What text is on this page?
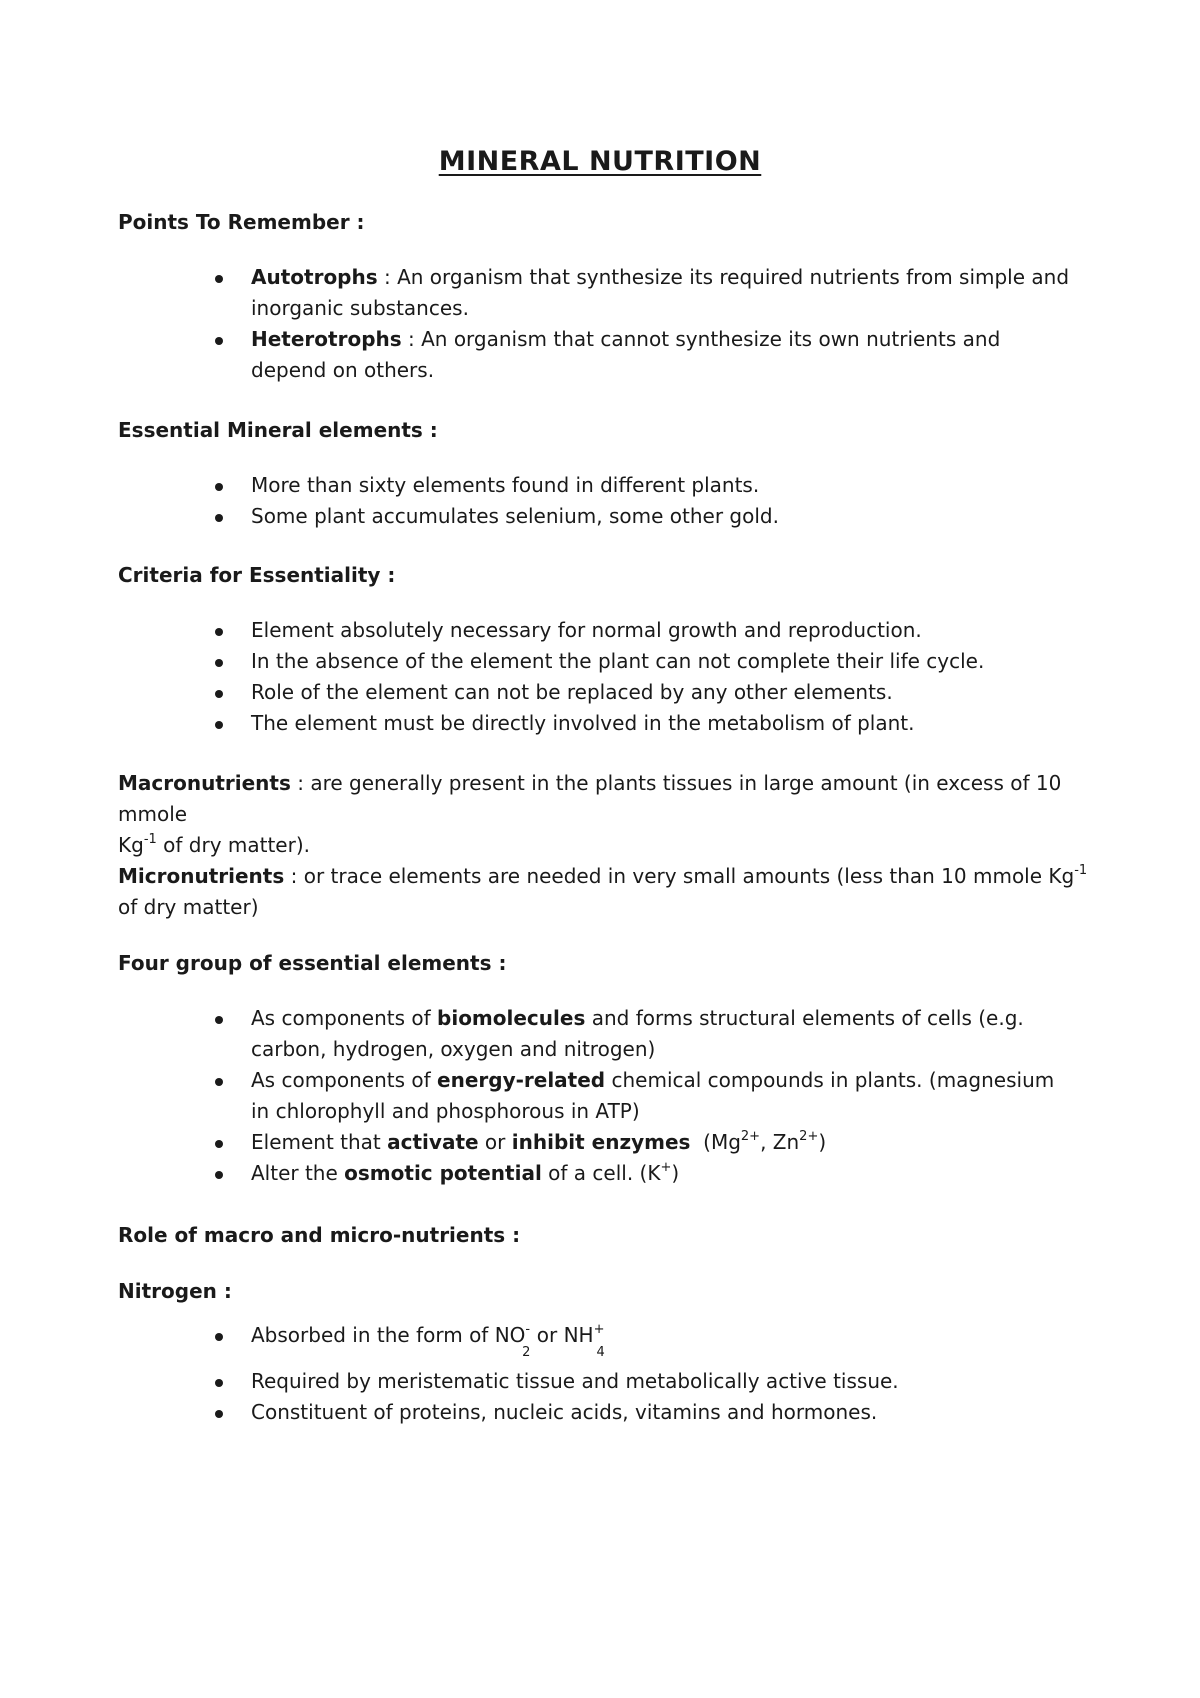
MINERAL NUTRITION
Points To Remember :
Autotrophs : An organism that synthesize its required nutrients from simple and inorganic substances.
Heterotrophs : An organism that cannot synthesize its own nutrients and depend on others.
Essential Mineral elements :
More than sixty elements found in different plants.
Some plant accumulates selenium, some other gold.
Criteria for Essentiality :
Element absolutely necessary for normal growth and reproduction.
In the absence of the element the plant can not complete their life cycle.
Role of the element can not be replaced by any other elements.
The element must be directly involved in the metabolism of plant.
Macronutrients : are generally present in the plants tissues in large amount (in excess of 10 mmole
$Kg^{-1}$ of dry matter).
Micronutrients : or trace elements are needed in very small amounts (less than 10 mmole $Kg^{-1}$ of dry matter)
Four group of essential elements :
As components of biomolecules and forms structural elements of cells (e.g. carbon, hydrogen, oxygen and nitrogen)
As components of energy-related chemical compounds in plants. (magnesium in chlorophyll and phosphorous in ATP)
Element that activate or inhibit enzymes  ($Mg^{2+}$, $Zn^{2+}$)
Alter the osmotic potential of a cell. (K+)
Role of macro and micro-nutrients :
Nitrogen :
Absorbed in the form of $NO^-_2$ or $NH^+_4$
Required by meristematic tissue and metabolically active tissue.
Constituent of proteins, nucleic acids, vitamins and hormones.
